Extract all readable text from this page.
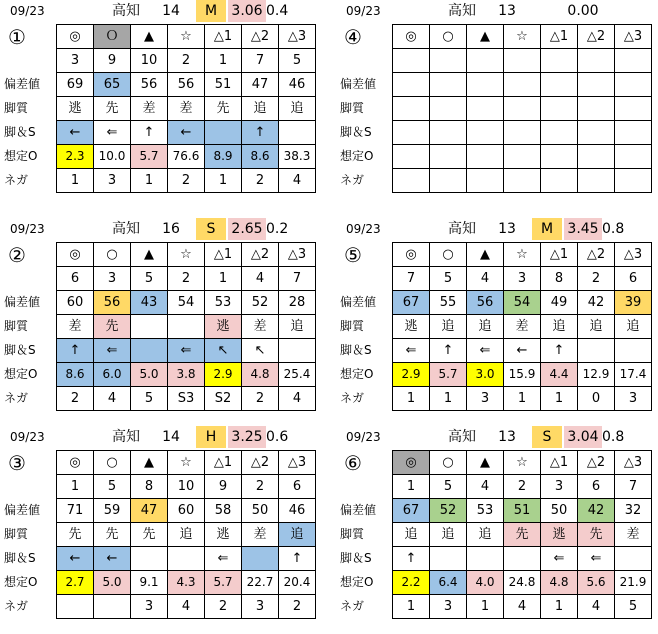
09/23	高知	14	M	3.06 0.4
①
偏差値
脚質
脚＆S
想定O
ネガ
◎	Ｏ	▲	☆	△1	△2	△3
3	9	10	2	1	7	5
69	65	56	56	51	47	46
逃	先	差	差	先	追	追
←	⇐	↑	←		↑	
2.3	10.0	5.7	76.6	8.9	8.6	38.3
1	3	1	2	1	2	4
09/23	高知	13	0.00
④
偏差値
脚質
脚＆S
想定O
ネガ
◎	○	▲	☆	△1	△2	△3

09/23	高知	16	S	2.65 0.2
②
偏差値
脚質
脚＆S
想定O
ネガ
◎	○	▲	☆	△1	△2	△3
6	3	5	2	1	4	7
60	56	43	54	53	52	28
差	先			逃	差	追
↑	⇐		⇐	↖	↖	
8.6	6.0	5.0	3.8	2.9	4.8	25.4
2	4	5	S3	S2	2	4
09/23	高知	13	M	3.45 0.8
⑤
偏差値
脚質
脚＆S
想定O
ネガ
◎	○	▲	☆	△1	△2	△3
7	5	4	3	8	2	6
67	55	56	54	49	42	39
逃	追	追	差	追	追	追
⇐	↑	⇐	←	↑		
2.9	5.7	3.0	15.9	4.4	12.9	17.4
1	1	3	1	1	0	3
09/23	高知	14	H	3.25 0.6
③
偏差値
脚質
脚＆S
想定O
ネガ
◎	○	▲	☆	△1	△2	△3
1	5	8	10	9	2	6
71	59	47	60	58	50	46
先	先	先	追	逃	差	追
←	←			⇐		↑
2.7	5.0	9.1	4.3	5.7	22.7	20.4
		3	4	2	3	2
09/23	高知	13	S	3.04 0.8
⑥
偏差値
脚質
脚＆S
想定O
ネガ
◎	○	▲	☆	△1	△2	△3
1	5	4	2	3	6	7
67	52	53	51	50	42	32
追	追	追	先	逃	先	差
↑				⇐	⇐	
2.2	6.4	4.0	24.8	4.8	5.6	21.9
1	3	1	4	1	4	5
